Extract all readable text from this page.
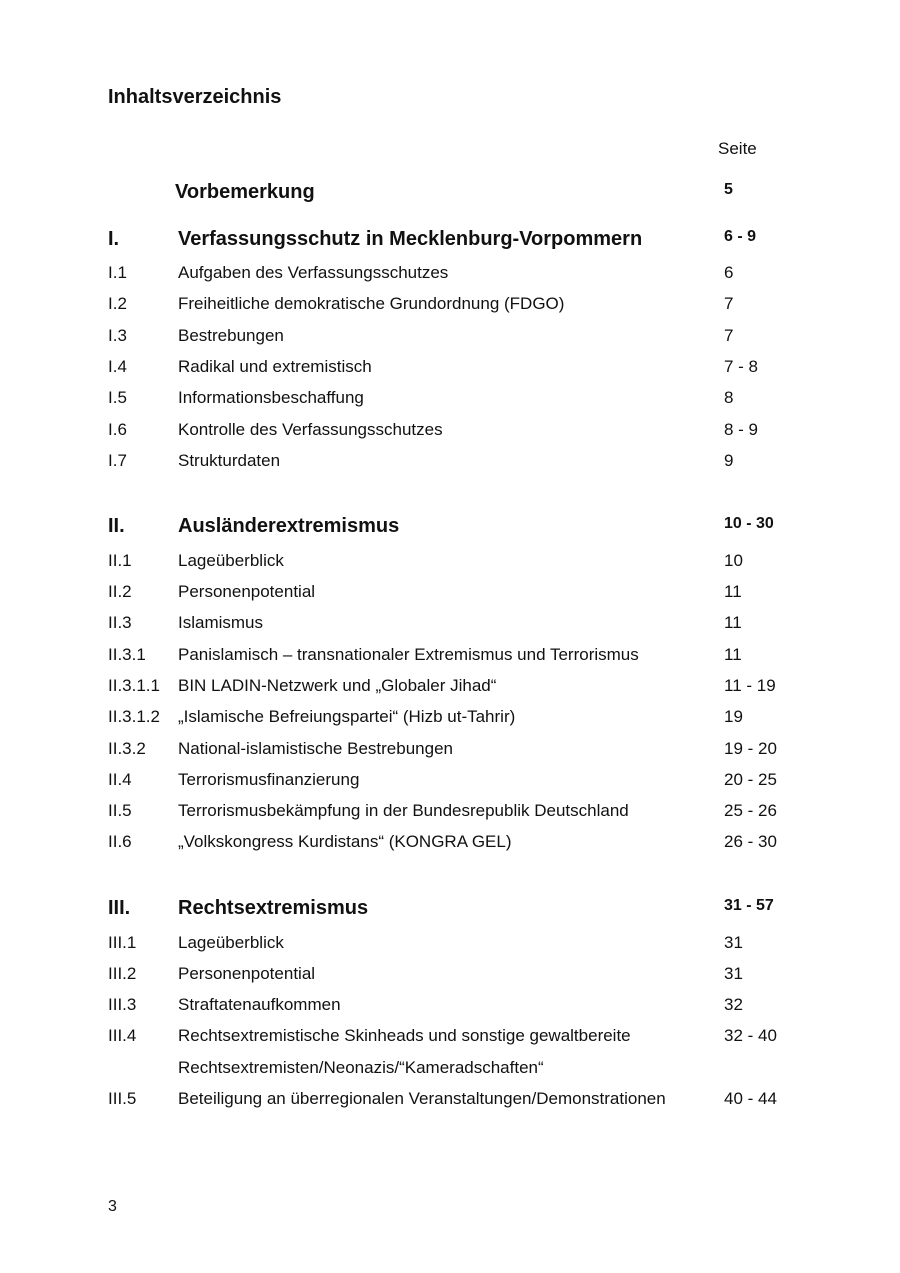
Inhaltsverzeichnis
Seite
Vorbemerkung	5
I.	Verfassungsschutz in Mecklenburg-Vorpommern	6 - 9
I.1	Aufgaben des Verfassungsschutzes	6
I.2	Freiheitliche demokratische Grundordnung (FDGO)	7
I.3	Bestrebungen	7
I.4	Radikal und extremistisch	7 - 8
I.5	Informationsbeschaffung	8
I.6	Kontrolle des Verfassungsschutzes	8 - 9
I.7	Strukturdaten	9
II.	Ausländerextremismus	10 - 30
II.1	Lageüberblick	10
II.2	Personenpotential	11
II.3	Islamismus	11
II.3.1 Panislamisch – transnationaler Extremismus und Terrorismus	11
II.3.1.1 BIN LADIN-Netzwerk und „Globaler Jihad“	11 - 19
II.3.1.2 „Islamische Befreiungspartei“ (Hizb ut-Tahrir)	19
II.3.2 National-islamistische Bestrebungen	19 - 20
II.4	Terrorismusfinanzierung	20 - 25
II.5	Terrorismusbekämpfung in der Bundesrepublik Deutschland	25 - 26
II.6	„Volkskongress Kurdistans“ (KONGRA GEL)	26 - 30
III. Rechtsextremismus	31 - 57
III.1 Lageüberblick	31
III.2 Personenpotential	31
III.3 Straftatenaufkommen	32
III.4 Rechtsextremistische Skinheads und sonstige gewaltbereite	32 - 40
Rechtsextremisten/Neonazis/“Kameradschaften“
III.5 Beteiligung an überregionalen Veranstaltungen/Demonstrationen	40 - 44
3
